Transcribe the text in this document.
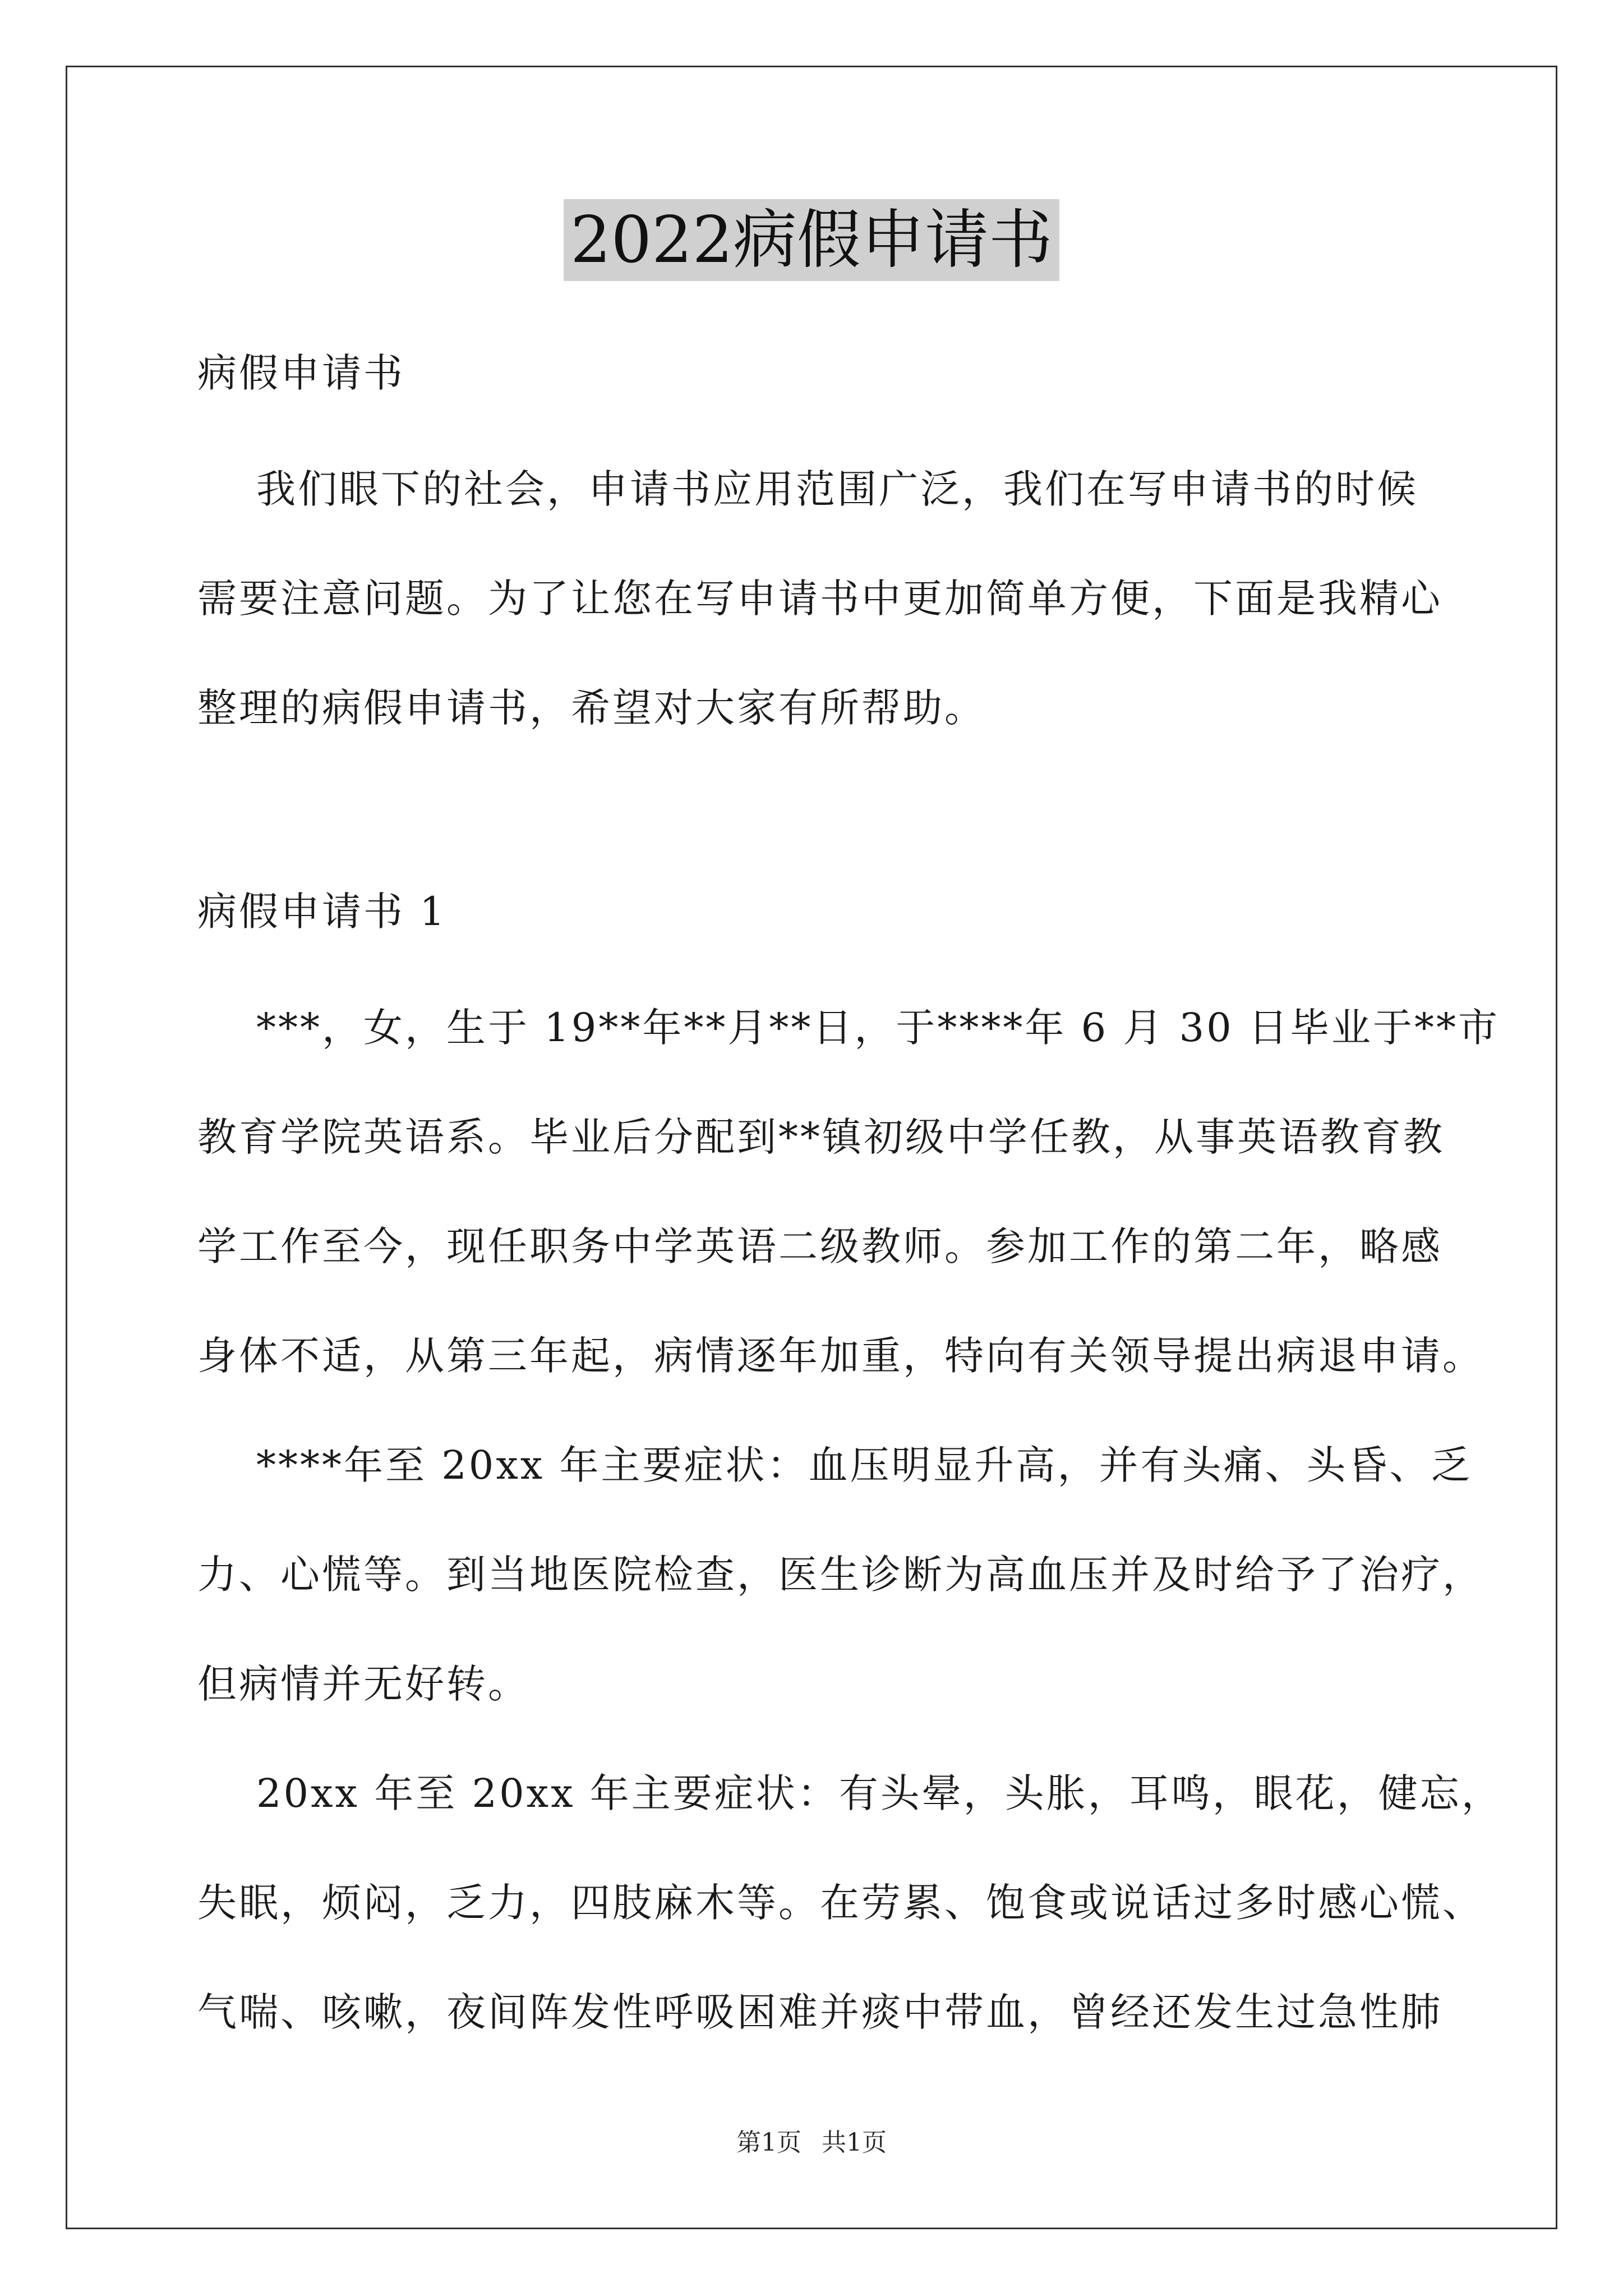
2022病假申请书

病假申请书

我们眼下的社会，申请书应用范围广泛，我们在写申请书的时候
需要注意问题。为了让您在写申请书中更加简单方便，下面是我精心
整理的病假申请书，希望对大家有所帮助。

病假申请书 1

***，女，生于 19**年**月**日，于****年 6 月 30 日毕业于**市
教育学院英语系。毕业后分配到**镇初级中学任教，从事英语教育教
学工作至今，现任职务中学英语二级教师。参加工作的第二年，略感
身体不适，从第三年起，病情逐年加重，特向有关领导提出病退申请。
****年至 20xx 年主要症状：血压明显升高，并有头痛、头昏、乏
力、心慌等。到当地医院检查，医生诊断为高血压并及时给予了治疗，
但病情并无好转。
20xx 年至 20xx 年主要症状：有头晕，头胀，耳鸣，眼花，健忘，
失眠，烦闷，乏力，四肢麻木等。在劳累、饱食或说话过多时感心慌、
气喘、咳嗽，夜间阵发性呼吸困难并痰中带血，曾经还发生过急性肺
第1页 共1页
